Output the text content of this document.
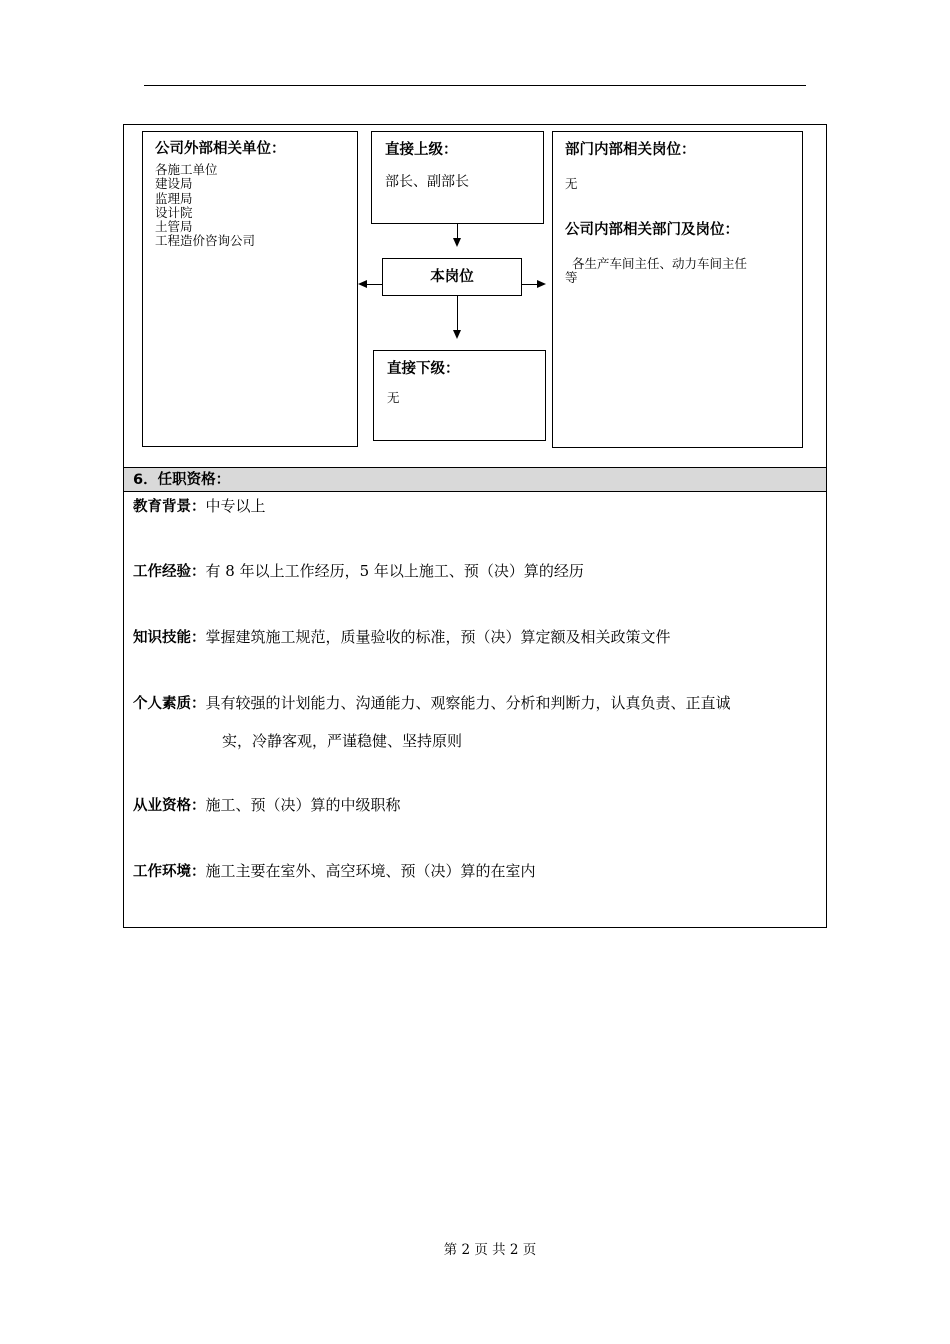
公司外部相关单位：
各施工单位
建设局
监理局
设计院
土管局
工程造价咨询公司
直接上级：
部长、副部长
本岗位
直接下级：
无
部门内部相关岗位：
无
公司内部相关部门及岗位：
各生产车间主任、动力车间主任
等
6．任职资格：
教育背景：中专以上
工作经验：有 8 年以上工作经历，5 年以上施工、预（决）算的经历
知识技能：掌握建筑施工规范，质量验收的标准，预（决）算定额及相关政策文件
个人素质：具有较强的计划能力、沟通能力、观察能力、分析和判断力，认真负责、正直诚
实，冷静客观，严谨稳健、坚持原则
从业资格：施工、预（决）算的中级职称
工作环境：施工主要在室外、高空环境、预（决）算的在室内
第 2 页 共 2 页
